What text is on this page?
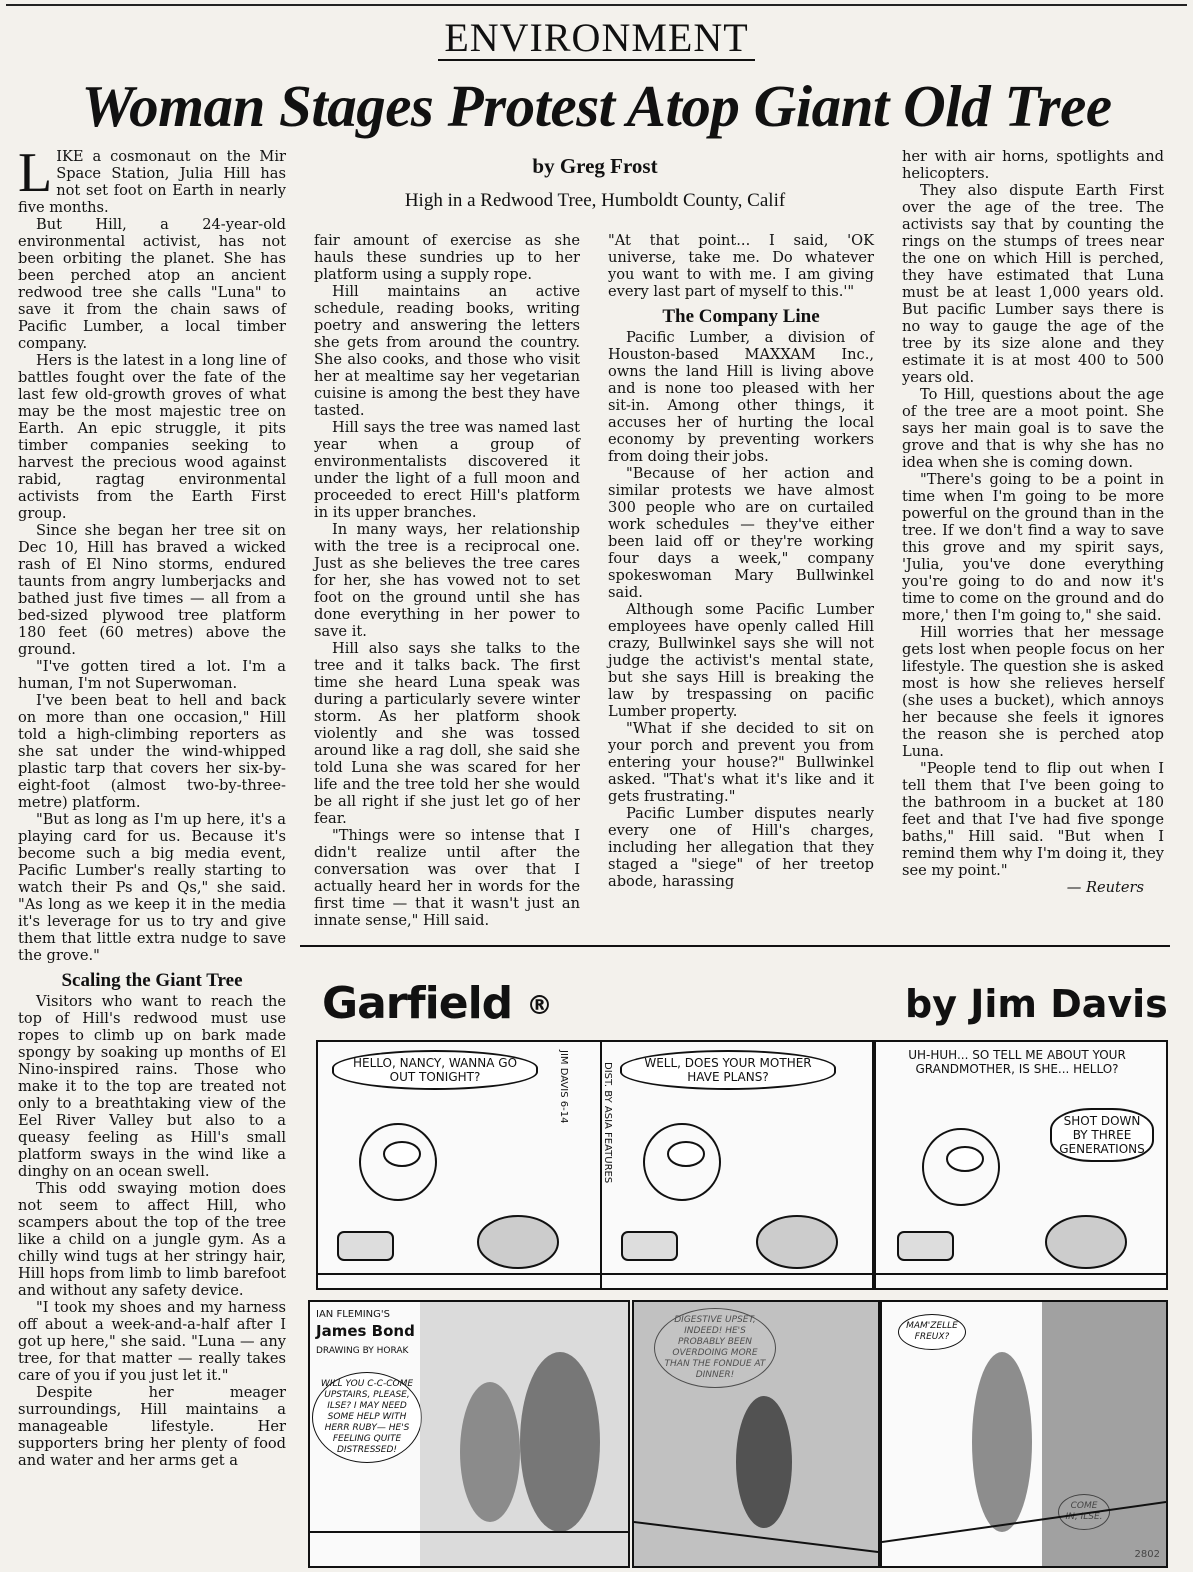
ENVIRONMENT
Woman Stages Protest Atop Giant Old Tree
by Greg Frost
High in a Redwood Tree, Humboldt County, Calif

LIKE a cosmonaut on the Mir Space Station, Julia Hill has not set foot on Earth in nearly five months.

But Hill, a 24-year-old environmental activist, has not been orbiting the planet. She has been perched atop an ancient redwood tree she calls "Luna" to save it from the chain saws of Pacific Lumber, a local timber company.

Hers is the latest in a long line of battles fought over the fate of the last few old-growth groves of what may be the most majestic tree on Earth. An epic struggle, it pits timber companies seeking to harvest the precious wood against rabid, ragtag environmental activists from the Earth First group.

Since she began her tree sit on Dec 10, Hill has braved a wicked rash of El Nino storms, endured taunts from angry lumberjacks and bathed just five times — all from a bed-sized plywood tree platform 180 feet (60 metres) above the ground.

"I've gotten tired a lot. I'm a human, I'm not Superwoman.

I've been beat to hell and back on more than one occasion," Hill told a high-climbing reporters as she sat under the wind-whipped plastic tarp that covers her six-by-eight-foot (almost two-by-three-metre) platform.

"But as long as I'm up here, it's a playing card for us. Because it's become such a big media event, Pacific Lumber's really starting to watch their Ps and Qs," she said. "As long as we keep it in the media it's leverage for us to try and give them that little extra nudge to save the grove."

Scaling the Giant Tree

Visitors who want to reach the top of Hill's redwood must use ropes to climb up on bark made spongy by soaking up months of El Nino-inspired rains. Those who make it to the top are treated not only to a breathtaking view of the Eel River Valley but also to a queasy feeling as Hill's small platform sways in the wind like a dinghy on an ocean swell.

This odd swaying motion does not seem to affect Hill, who scampers about the top of the tree like a child on a jungle gym. As a chilly wind tugs at her stringy hair, Hill hops from limb to limb barefoot and without any safety device.

"I took my shoes and my harness off about a week-and-a-half after I got up here," she said. "Luna — any tree, for that matter — really takes care of you if you just let it."

Despite her meager surroundings, Hill maintains a manageable lifestyle. Her supporters bring her plenty of food and water and her arms get a

fair amount of exercise as she hauls these sundries up to her platform using a supply rope.

Hill maintains an active schedule, reading books, writing poetry and answering the letters she gets from around the country. She also cooks, and those who visit her at mealtime say her vegetarian cuisine is among the best they have tasted.

Hill says the tree was named last year when a group of environmentalists discovered it under the light of a full moon and proceeded to erect Hill's platform in its upper branches.

In many ways, her relationship with the tree is a reciprocal one. Just as she believes the tree cares for her, she has vowed not to set foot on the ground until she has done everything in her power to save it.

Hill also says she talks to the tree and it talks back. The first time she heard Luna speak was during a particularly severe winter storm. As her platform shook violently and she was tossed around like a rag doll, she said she told Luna she was scared for her life and the tree told her she would be all right if she just let go of her fear.

"Things were so intense that I didn't realize until after the conversation was over that I actually heard her in words for the first time — that it wasn't just an innate sense," Hill said.

"At that point... I said, 'OK universe, take me. Do whatever you want to with me. I am giving every last part of myself to this.'"

The Company Line

Pacific Lumber, a division of Houston-based MAXXAM Inc., owns the land Hill is living above and is none too pleased with her sit-in. Among other things, it accuses her of hurting the local economy by preventing workers from doing their jobs.

"Because of her action and similar protests we have almost 300 people who are on curtailed work schedules — they've either been laid off or they're working four days a week," company spokeswoman Mary Bullwinkel said.

Although some Pacific Lumber employees have openly called Hill crazy, Bullwinkel says she will not judge the activist's mental state, but she says Hill is breaking the law by trespassing on pacific Lumber property.

"What if she decided to sit on your porch and prevent you from entering your house?" Bullwinkel asked. "That's what it's like and it gets frustrating."

Pacific Lumber disputes nearly every one of Hill's charges, including her allegation that they staged a "siege" of her treetop abode, harassing

her with air horns, spotlights and helicopters.

They also dispute Earth First over the age of the tree. The activists say that by counting the rings on the stumps of trees near the one on which Hill is perched, they have estimated that Luna must be at least 1,000 years old. But pacific Lumber says there is no way to gauge the age of the tree by its size alone and they estimate it is at most 400 to 500 years old.

To Hill, questions about the age of the tree are a moot point. She says her main goal is to save the grove and that is why she has no idea when she is coming down.

"There's going to be a point in time when I'm going to be more powerful on the ground than in the tree. If we don't find a way to save this grove and my spirit says, 'Julia, you've done everything you're going to do and now it's time to come on the ground and do more,' then I'm going to," she said.

Hill worries that her message gets lost when people focus on her lifestyle. The question she is asked most is how she relieves herself (she uses a bucket), which annoys her because she feels it ignores the reason she is perched atop Luna.

"People tend to flip out when I tell them that I've been going to the bathroom in a bucket at 180 feet and that I've had five sponge baths," Hill said. "But when I remind them why I'm doing it, they see my point."

— Reuters

Garfield ®	by Jim Davis
HELLO, NANCY, WANNA GO OUT TONIGHT?	JIM DAVIS 6-14	WELL, DOES YOUR MOTHER HAVE PLANS?
DIST. BY ASIA FEATURES
UH-HUH... SO TELL ME ABOUT YOUR GRANDMOTHER, IS SHE... HELLO?
SHOT DOWN BY THREE GENERATIONS
IAN FLEMING'S
James Bond
DRAWING BY HORAK
WILL YOU C-C-COME UPSTAIRS, PLEASE, ILSE? I MAY NEED SOME HELP WITH HERR RUBY— HE'S FEELING QUITE DISTRESSED!
MAM'ZELLE FREUX?
